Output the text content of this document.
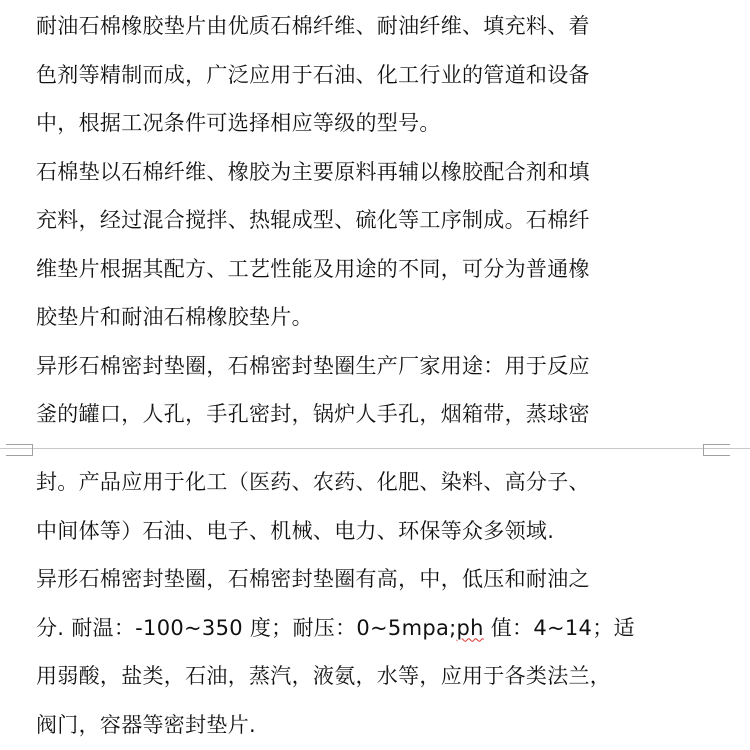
耐油石棉橡胶垫片由优质石棉纤维、耐油纤维、填充料、着
色剂等精制而成，广泛应用于石油、化工行业的管道和设备
中，根据工况条件可选择相应等级的型号。
石棉垫以石棉纤维、橡胶为主要原料再辅以橡胶配合剂和填
充料，经过混合搅拌、热辊成型、硫化等工序制成。石棉纤
维垫片根据其配方、工艺性能及用途的不同，可分为普通橡
胶垫片和耐油石棉橡胶垫片。
异形石棉密封垫圈，石棉密封垫圈生产厂家用途：用于反应
釜的罐口，人孔，手孔密封，锅炉人手孔，烟箱带，蒸球密
封。产品应用于化工（医药、农药、化肥、染料、高分子、
中间体等）石油、电子、机械、电力、环保等众多领域.
异形石棉密封垫圈，石棉密封垫圈有高，中，低压和耐油之
分. 耐温：-100~350 度；耐压：0~5mpa;ph 值：4~14；适
用弱酸，盐类，石油，蒸汽，液氨，水等，应用于各类法兰，
阀门，容器等密封垫片.
